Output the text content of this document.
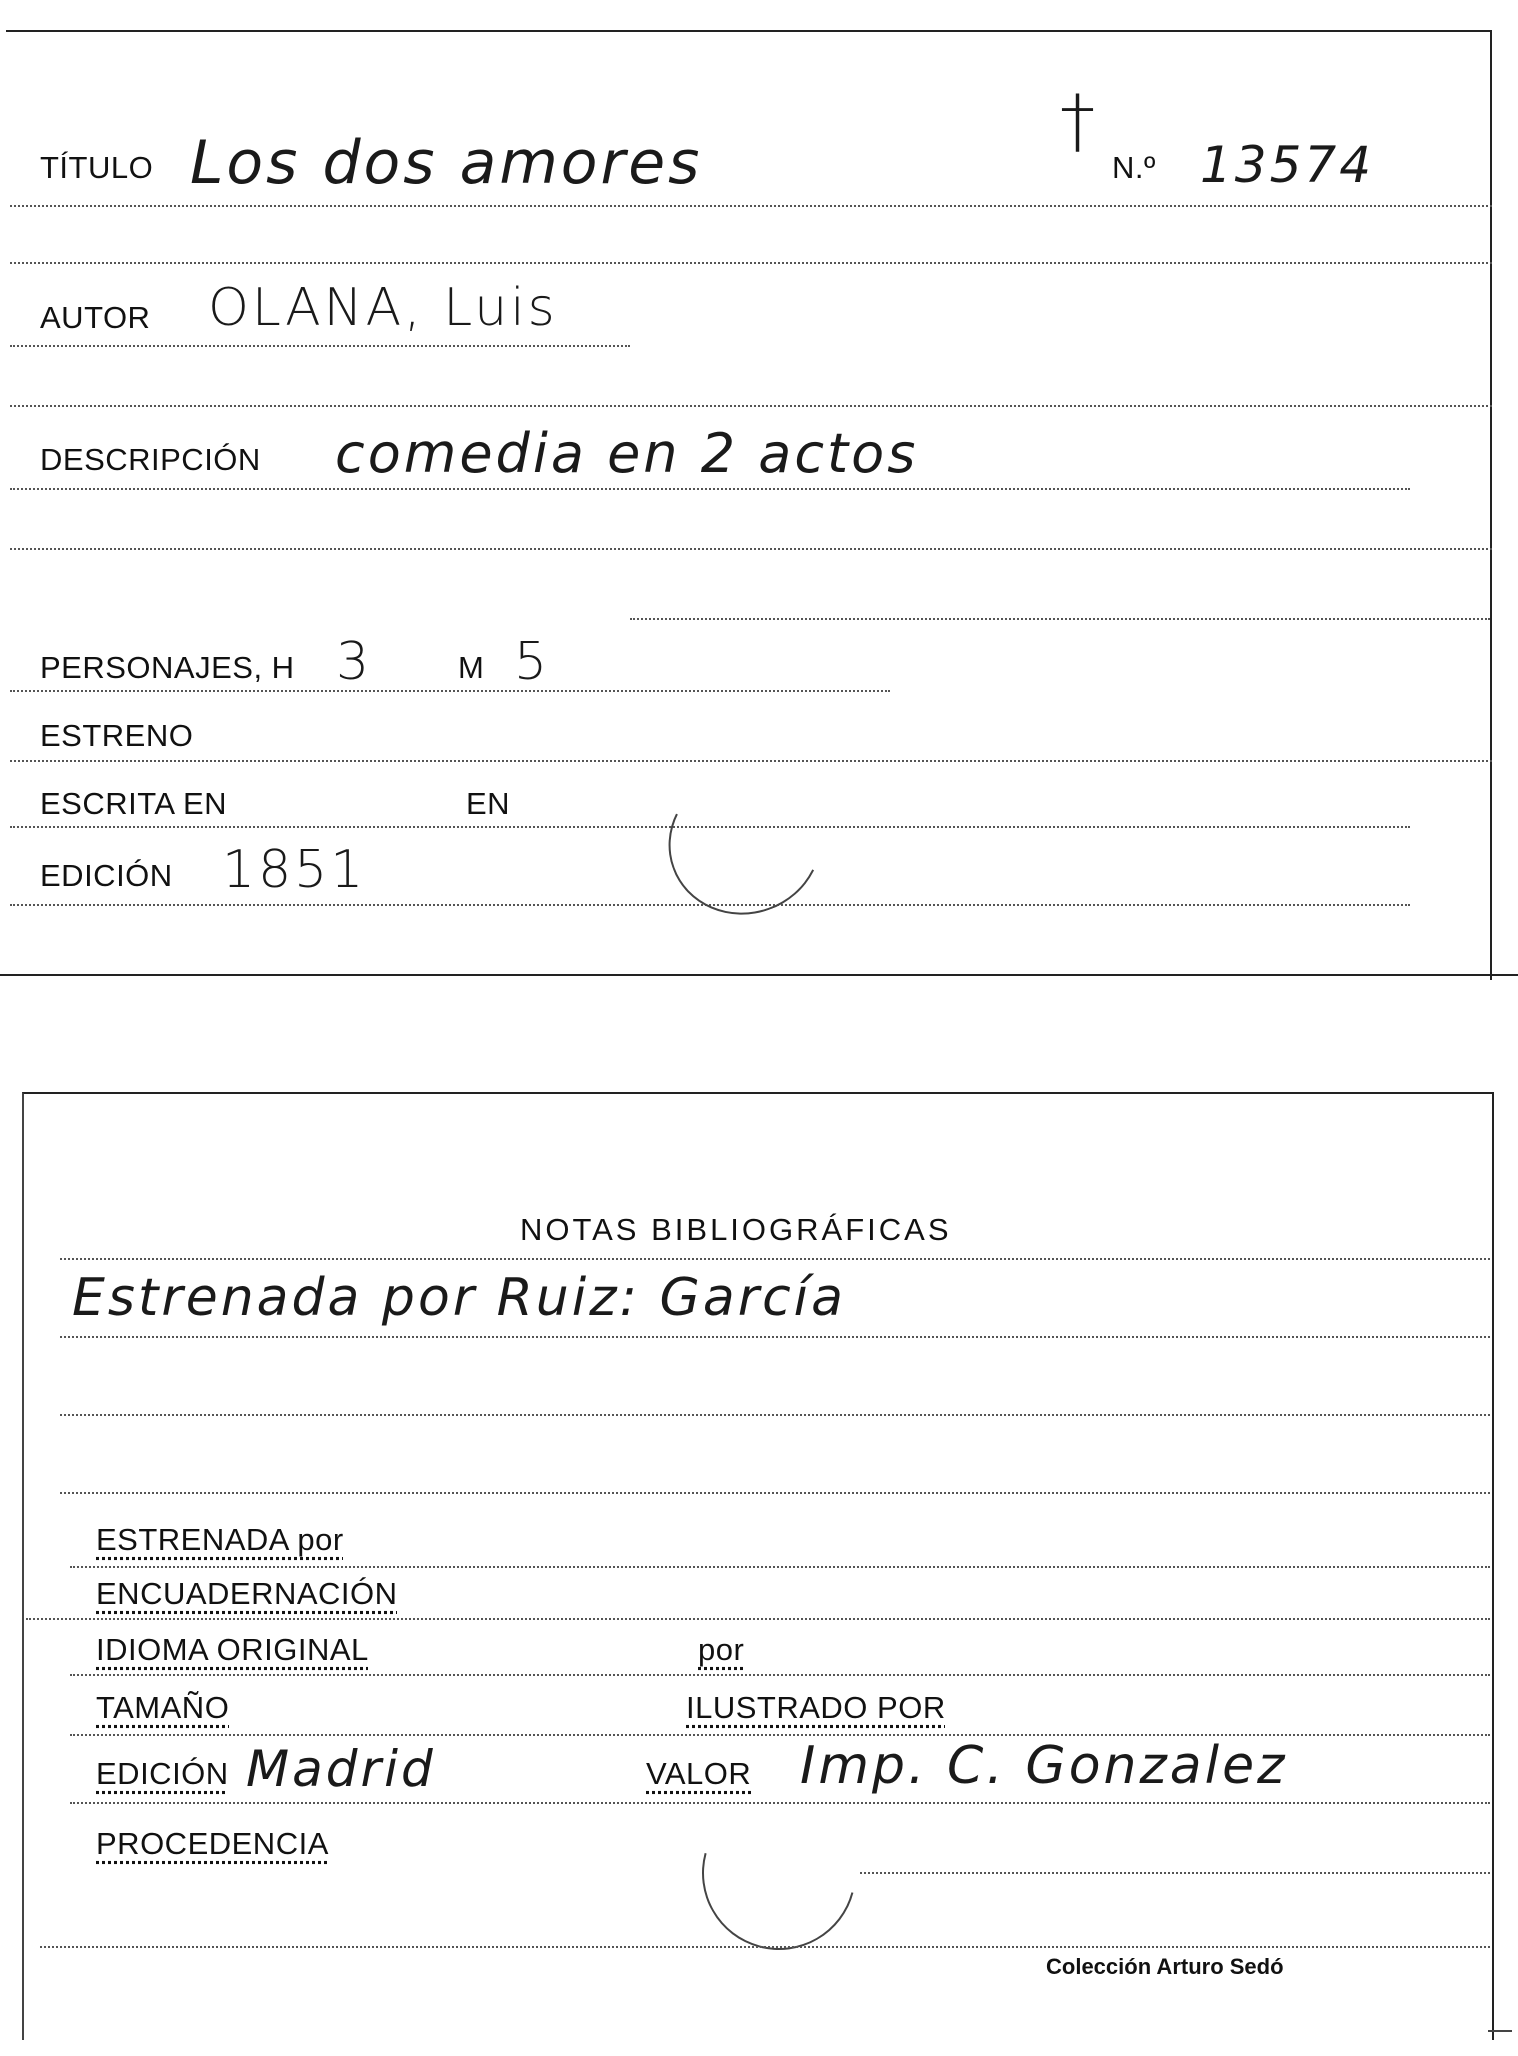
TÍTULO Los dos amores
†
N.º 13574
AUTOR OLANA, Luis
DESCRIPCIÓN comedia en 2 actos
PERSONAJES, H 3	M 5
ESTRENO
ESCRITA EN	EN
EDICIÓN 1851
NOTAS BIBLIOGRÁFICAS
Estrenada por Ruiz: García
ESTRENADA por
ENCUADERNACIÓN
IDIOMA ORIGINAL	por
TAMAÑO	ILUSTRADO POR
EDICIÓN Madrid	VALOR Imp. C. Gonzalez
PROCEDENCIA
Colección Arturo Sedó
